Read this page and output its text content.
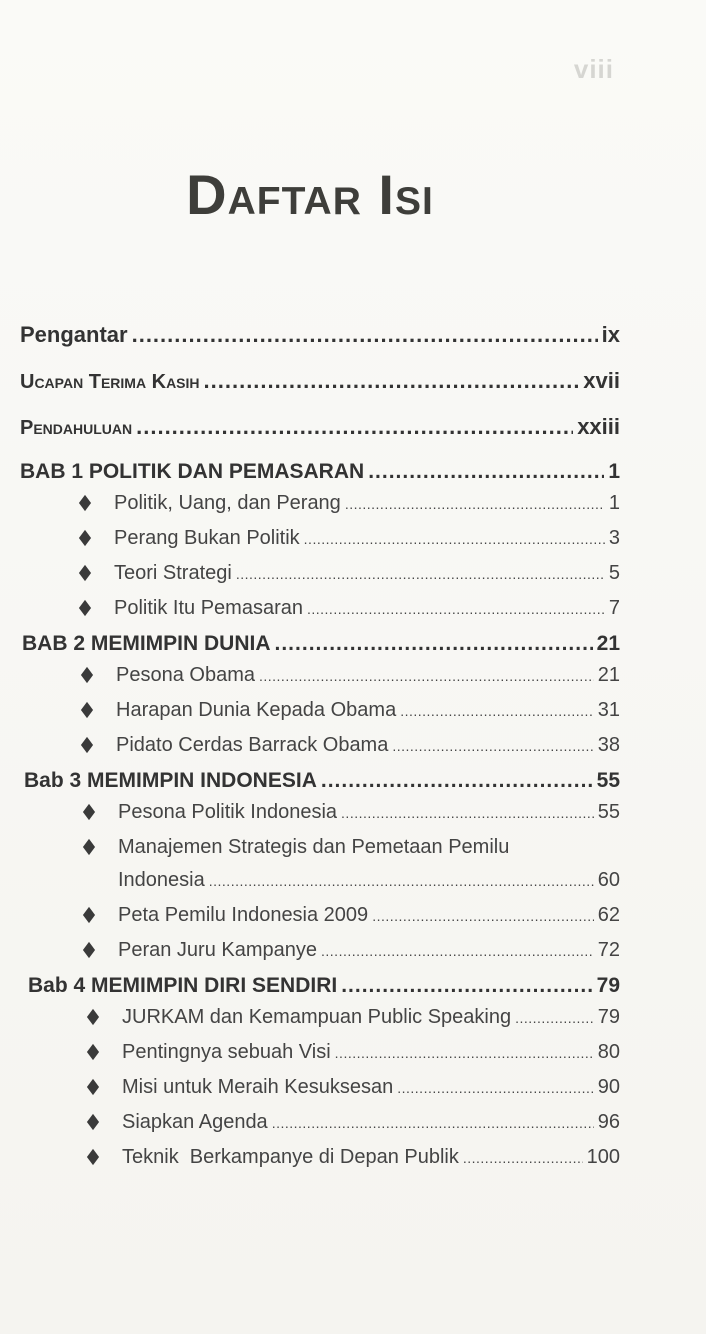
viii
Daftar Isi
Pengantar .....	ix
Ucapan Terima Kasih .....	xvii
Pendahuluan .....	xxiii
BAB 1 POLITIK DAN PEMASARAN .....	1
Politik, Uang, dan Perang .....	1
Perang Bukan Politik .....	3
Teori Strategi .....	5
Politik Itu Pemasaran .....	7
BAB 2 MEMIMPIN DUNIA .....	21
Pesona Obama .....	21
Harapan Dunia Kepada Obama .....	31
Pidato Cerdas Barrack Obama .....	38
Bab 3 MEMIMPIN INDONESIA .....	55
Pesona Politik Indonesia .....	55
Manajemen Strategis dan Pemetaan Pemilu
Indonesia .....	60
Peta Pemilu Indonesia 2009 .....	62
Peran Juru Kampanye .....	72
Bab 4 MEMIMPIN DIRI SENDIRI .....	79
JURKAM dan Kemampuan Public Speaking .....	79
Pentingnya sebuah Visi .....	80
Misi untuk Meraih Kesuksesan .....	90
Siapkan Agenda .....	96
Teknik  Berkampanye di Depan Publik .....	100
